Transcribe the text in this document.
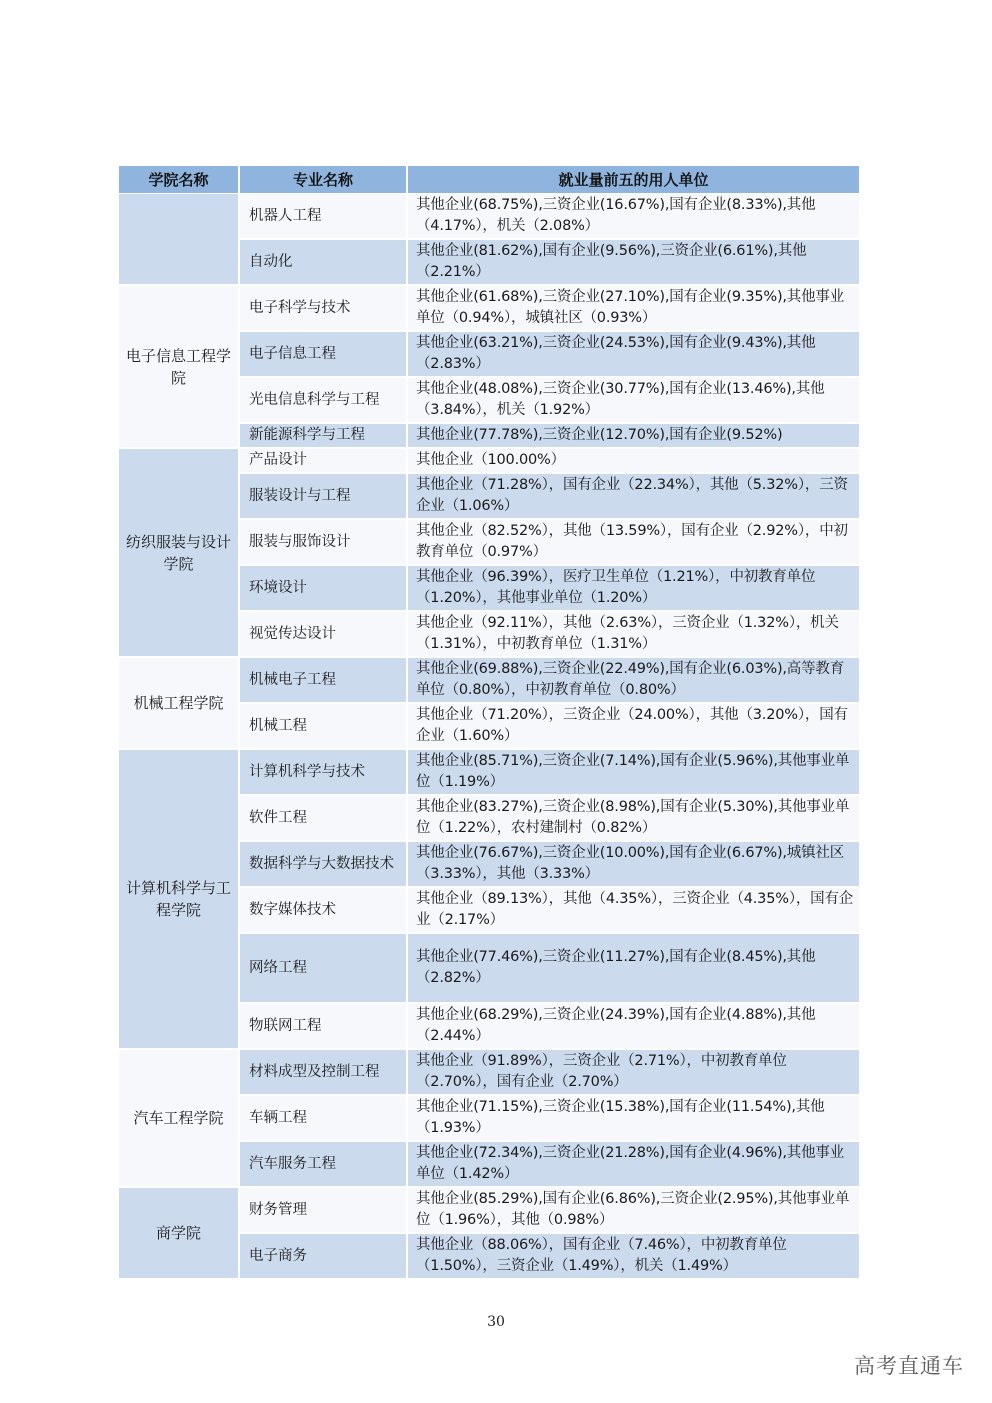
学院名称	专业名称	就业量前五的用人单位
	机器人工程	其他企业(68.75%),三资企业(16.67%),国有企业(8.33%),其他（4.17%），机关（2.08%）
	自动化	其他企业(81.62%),国有企业(9.56%),三资企业(6.61%),其他（2.21%）
电子信息工程学院	电子科学与技术	其他企业(61.68%),三资企业(27.10%),国有企业(9.35%),其他事业单位（0.94%），城镇社区（0.93%）
	电子信息工程	其他企业(63.21%),三资企业(24.53%),国有企业(9.43%),其他（2.83%）
	光电信息科学与工程	其他企业(48.08%),三资企业(30.77%),国有企业(13.46%),其他（3.84%），机关（1.92%）
	新能源科学与工程	其他企业(77.78%),三资企业(12.70%),国有企业(9.52%)
纺织服装与设计学院	产品设计	其他企业（100.00%）
	服装设计与工程	其他企业（71.28%），国有企业（22.34%），其他（5.32%），三资企业（1.06%）
	服装与服饰设计	其他企业（82.52%），其他（13.59%），国有企业（2.92%），中初教育单位（0.97%）
	环境设计	其他企业（96.39%），医疗卫生单位（1.21%），中初教育单位（1.20%），其他事业单位（1.20%）
	视觉传达设计	其他企业（92.11%），其他（2.63%），三资企业（1.32%），机关（1.31%），中初教育单位（1.31%）
机械工程学院	机械电子工程	其他企业(69.88%),三资企业(22.49%),国有企业(6.03%),高等教育单位（0.80%），中初教育单位（0.80%）
	机械工程	其他企业（71.20%），三资企业（24.00%），其他（3.20%），国有企业（1.60%）
计算机科学与工程学院	计算机科学与技术	其他企业(85.71%),三资企业(7.14%),国有企业(5.96%),其他事业单位（1.19%）
	软件工程	其他企业(83.27%),三资企业(8.98%),国有企业(5.30%),其他事业单位（1.22%），农村建制村（0.82%）
	数据科学与大数据技术	其他企业(76.67%),三资企业(10.00%),国有企业(6.67%),城镇社区（3.33%），其他（3.33%）
	数字媒体技术	其他企业（89.13%），其他（4.35%），三资企业（4.35%），国有企业（2.17%）
	网络工程	其他企业(77.46%),三资企业(11.27%),国有企业(8.45%),其他（2.82%）
	物联网工程	其他企业(68.29%),三资企业(24.39%),国有企业(4.88%),其他（2.44%）
汽车工程学院	材料成型及控制工程	其他企业（91.89%），三资企业（2.71%），中初教育单位（2.70%），国有企业（2.70%）
	车辆工程	其他企业(71.15%),三资企业(15.38%),国有企业(11.54%),其他（1.93%）
	汽车服务工程	其他企业(72.34%),三资企业(21.28%),国有企业(4.96%),其他事业单位（1.42%）
商学院	财务管理	其他企业(85.29%),国有企业(6.86%),三资企业(2.95%),其他事业单位（1.96%），其他（0.98%）
	电子商务	其他企业（88.06%），国有企业（7.46%），中初教育单位（1.50%），三资企业（1.49%），机关（1.49%）
30
高考直通车
